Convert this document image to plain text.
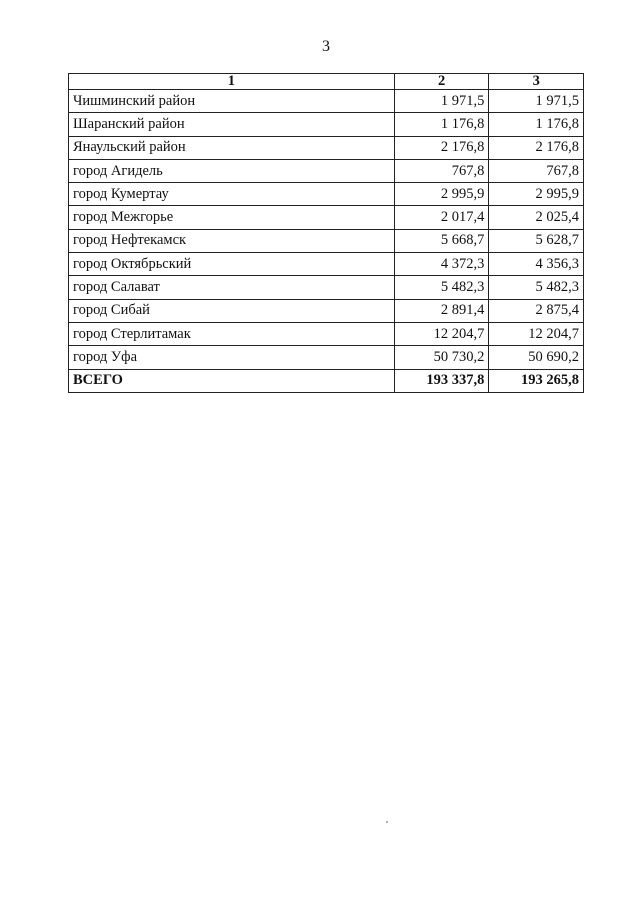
3
1	2	3
Чишминский район	1 971,5	1 971,5
Шаранский район	1 176,8	1 176,8
Янаульский район	2 176,8	2 176,8
город Агидель	767,8	767,8
город Кумертау	2 995,9	2 995,9
город Межгорье	2 017,4	2 025,4
город Нефтекамск	5 668,7	5 628,7
город Октябрьский	4 372,3	4 356,3
город Салават	5 482,3	5 482,3
город Сибай	2 891,4	2 875,4
город Стерлитамак	12 204,7	12 204,7
город Уфа	50 730,2	50 690,2
ВСЕГО	193 337,8	193 265,8
